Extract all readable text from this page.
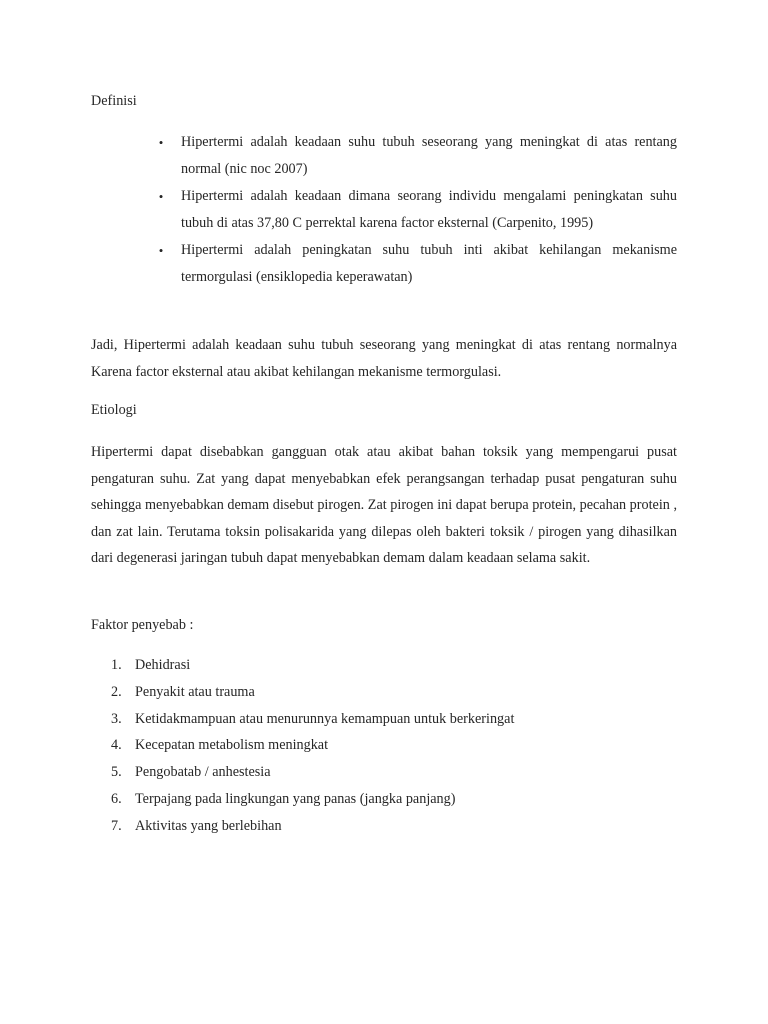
Definisi
• Hipertermi adalah keadaan suhu tubuh seseorang yang meningkat di atas rentang normal (nic noc 2007)
• Hipertermi adalah keadaan dimana seorang individu mengalami peningkatan suhu tubuh di atas 37,80 C perrektal karena factor eksternal (Carpenito, 1995)
• Hipertermi adalah peningkatan suhu tubuh inti akibat kehilangan mekanisme termorgulasi (ensiklopedia keperawatan)

Jadi, Hipertermi adalah keadaan suhu tubuh seseorang yang meningkat di atas rentang normalnya Karena factor eksternal atau akibat kehilangan mekanisme termorgulasi.

Etiologi

Hipertermi dapat disebabkan gangguan otak atau akibat bahan toksik yang mempengarui pusat pengaturan suhu. Zat yang dapat menyebabkan efek perangsangan terhadap pusat pengaturan suhu sehingga menyebabkan demam disebut pirogen. Zat pirogen ini dapat berupa protein, pecahan protein , dan zat lain. Terutama toksin polisakarida yang dilepas oleh bakteri toksik / pirogen yang dihasilkan dari degenerasi jaringan tubuh dapat menyebabkan demam dalam keadaan selama sakit.

Faktor penyebab :
1. Dehidrasi
2. Penyakit atau trauma
3. Ketidakmampuan atau menurunnya kemampuan untuk berkeringat
4. Kecepatan metabolism meningkat
5. Pengobatab / anhestesia
6. Terpajang pada lingkungan yang panas (jangka panjang)
7. Aktivitas yang berlebihan
